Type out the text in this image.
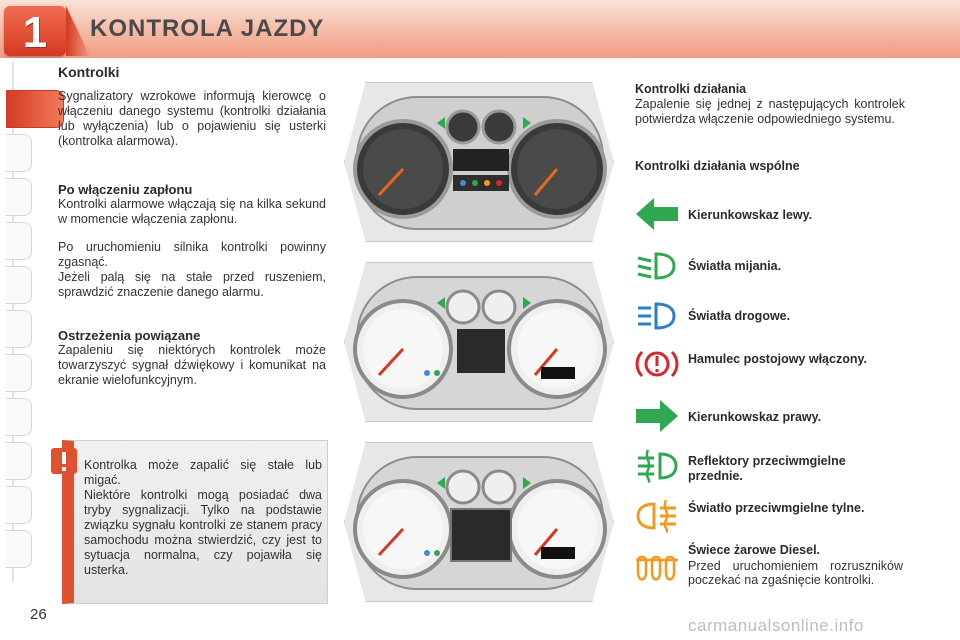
1	KONTROLA JAZDY
Kontrolki
Sygnalizatory wzrokowe informują kierowcę o włączeniu danego systemu (kontrolki działania lub wyłączenia) lub o pojawieniu się usterki (kontrolka alarmowa).
Po włączeniu zapłonu
Kontrolki alarmowe włączają się na kilka sekund w momencie włączenia zapłonu.
Po uruchomieniu silnika kontrolki powinny zgasnąć.
Jeżeli palą się na stałe przed ruszeniem, sprawdzić znaczenie danego alarmu.
Ostrzeżenia powiązane
Zapaleniu się niektórych kontrolek może towarzyszyć sygnał dźwiękowy i komunikat na ekranie wielofunkcyjnym.
Kontrolka może zapalić się stałe lub migać.
Niektóre kontrolki mogą posiadać dwa tryby sygnalizacji. Tylko na podstawie związku sygnału kontrolki ze stanem pracy samochodu można stwierdzić, czy jest to sytuacja normalna, czy pojawiła się usterka.
Kontrolki działania
Zapalenie się jednej z następujących kontrolek potwierdza włączenie odpowiedniego systemu.
Kontrolki działania wspólne
Kierunkowskaz lewy.
Światła mijania.
Światła drogowe.
Hamulec postojowy włączony.
Kierunkowskaz prawy.
Reflektory przeciwmgielne przednie.
Światło przeciwmgielne tylne.
Świece żarowe Diesel.
Przed uruchomieniem rozruszników poczekać na zgaśnięcie kontrolki.
26
carmanualsonline.info
